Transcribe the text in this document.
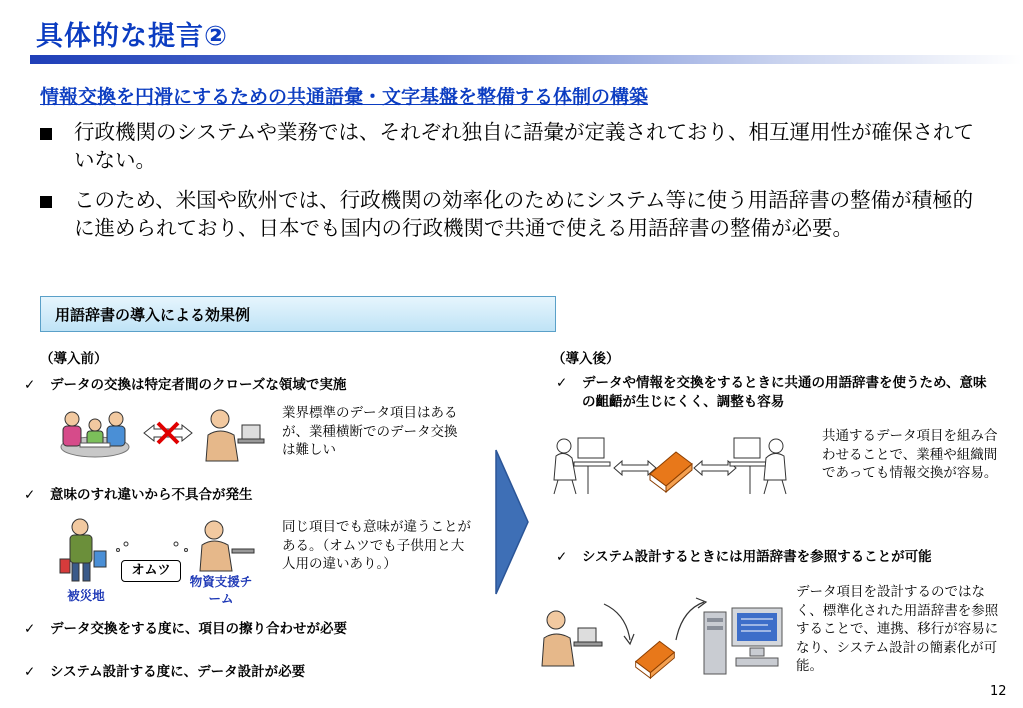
具体的な提言②
情報交換を円滑にするための共通語彙・文字基盤を整備する体制の構築
行政機関のシステムや業務では、それぞれ独自に語彙が定義されており、相互運用性が確保されていない。
このため、米国や欧州では、行政機関の効率化のためにシステム等に使う用語辞書の整備が積極的に進められており、日本でも国内の行政機関で共通で使える用語辞書の整備が必要。
用語辞書の導入による効果例
（導入前）
✓ データの交換は特定者間のクローズな領域で実施
業界標準のデータ項目はあるが、業種横断でのデータ交換は難しい
✓ 意味のすれ違いから不具合が発生
オムツ
被災地
物資支援チーム
同じ項目でも意味が違うことがある。（オムツでも子供用と大人用の違いあり。）
✓ データ交換をする度に、項目の擦り合わせが必要
✓ システム設計する度に、データ設計が必要
（導入後）
✓	データや情報を交換をするときに共通の用語辞書を使うため、意味の齟齬が生じにくく、調整も容易
共通するデータ項目を組み合わせることで、業種や組織間であっても情報交換が容易。
✓	システム設計するときには用語辞書を参照することが可能
データ項目を設計するのではなく、標準化された用語辞書を参照することで、連携、移行が容易になり、システム設計の簡素化が可能。
12
